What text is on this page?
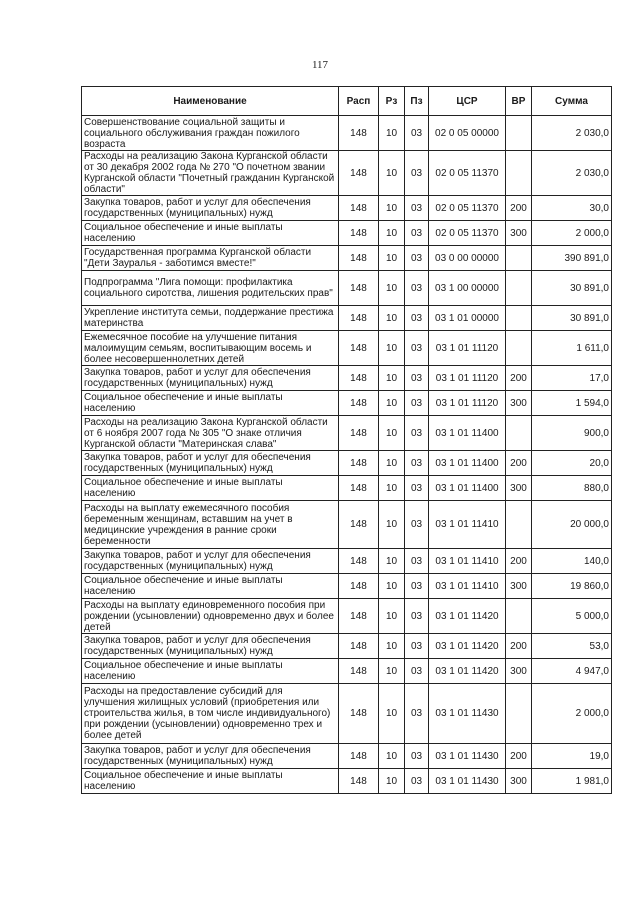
117
Наименование	Расп	Рз	Пз	ЦСР	ВР	Сумма
Совершенствование социальной защиты и социального обслуживания граждан пожилого возраста	148	10	03	02 0 05 00000		2 030,0
Расходы на реализацию Закона Курганской области от 30 декабря 2002 года № 270 "О почетном звании Курганской области "Почетный гражданин Курганской области"	148	10	03	02 0 05 11370		2 030,0
Закупка товаров, работ и услуг для обеспечения государственных (муниципальных) нужд	148	10	03	02 0 05 11370	200	30,0
Социальное обеспечение и иные выплаты населению	148	10	03	02 0 05 11370	300	2 000,0
Государственная программа Курганской области "Дети Зауралья - заботимся вместе!"	148	10	03	03 0 00 00000		390 891,0
Подпрограмма "Лига помощи: профилактика социального сиротства, лишения родительских прав"	148	10	03	03 1 00 00000		30 891,0
Укрепление института семьи, поддержание престижа материнства	148	10	03	03 1 01 00000		30 891,0
Ежемесячное пособие на улучшение питания малоимущим семьям, воспитывающим восемь и более несовершеннолетних детей	148	10	03	03 1 01 11120		1 611,0
Закупка товаров, работ и услуг для обеспечения государственных (муниципальных) нужд	148	10	03	03 1 01 11120	200	17,0
Социальное обеспечение и иные выплаты населению	148	10	03	03 1 01 11120	300	1 594,0
Расходы на реализацию Закона Курганской области от 6 ноября 2007 года № 305 "О знаке отличия Курганской области "Материнская слава"	148	10	03	03 1 01 11400		900,0
Закупка товаров, работ и услуг для обеспечения государственных (муниципальных) нужд	148	10	03	03 1 01 11400	200	20,0
Социальное обеспечение и иные выплаты населению	148	10	03	03 1 01 11400	300	880,0
Расходы на выплату ежемесячного пособия беременным женщинам, вставшим на учет в медицинские учреждения в ранние сроки беременности	148	10	03	03 1 01 11410		20 000,0
Закупка товаров, работ и услуг для обеспечения государственных (муниципальных) нужд	148	10	03	03 1 01 11410	200	140,0
Социальное обеспечение и иные выплаты населению	148	10	03	03 1 01 11410	300	19 860,0
Расходы на выплату единовременного пособия при рождении (усыновлении) одновременно двух и более детей	148	10	03	03 1 01 11420		5 000,0
Закупка товаров, работ и услуг для обеспечения государственных (муниципальных) нужд	148	10	03	03 1 01 11420	200	53,0
Социальное обеспечение и иные выплаты населению	148	10	03	03 1 01 11420	300	4 947,0
Расходы на предоставление субсидий для улучшения жилищных условий (приобретения или строительства жилья, в том числе индивидуального) при рождении (усыновлении) одновременно трех и более детей	148	10	03	03 1 01 11430		2 000,0
Закупка товаров, работ и услуг для обеспечения государственных (муниципальных) нужд	148	10	03	03 1 01 11430	200	19,0
Социальное обеспечение и иные выплаты населению	148	10	03	03 1 01 11430	300	1 981,0
